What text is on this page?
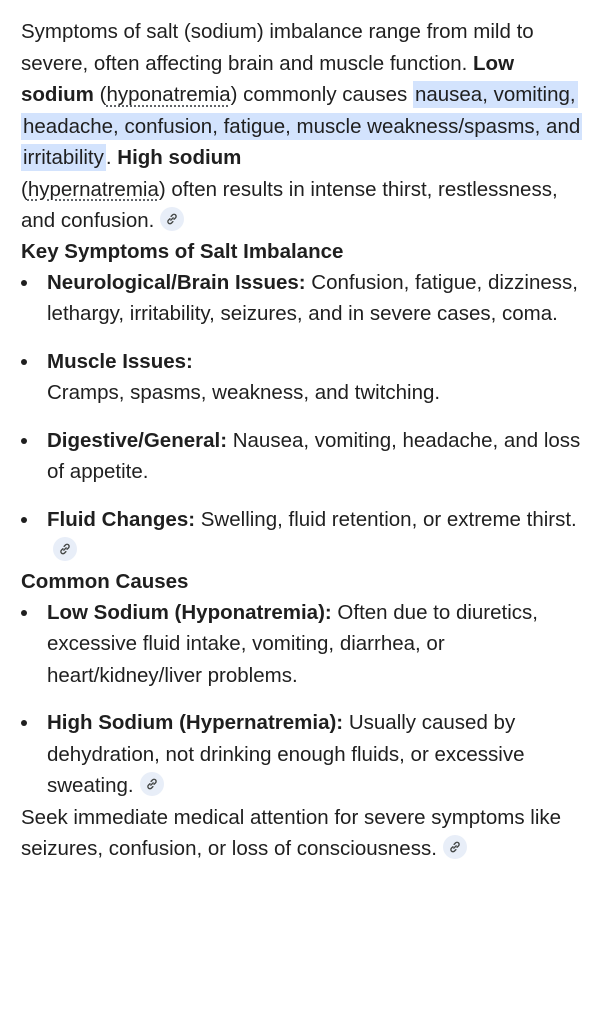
Symptoms of salt (sodium) imbalance range from mild to severe, often affecting brain and muscle function. Low sodium (hyponatremia) commonly causes nausea, vomiting, headache, confusion, fatigue, muscle weakness/spasms, and irritability. High sodium
(hypernatremia) often results in intense thirst, restlessness, and confusion.

Key Symptoms of Salt Imbalance
Neurological/Brain Issues: Confusion, fatigue, dizziness, lethargy, irritability, seizures, and in severe cases, coma.
Muscle Issues:
Cramps, spasms, weakness, and twitching.
Digestive/General: Nausea, vomiting, headache, and loss of appetite.
Fluid Changes: Swelling, fluid retention, or extreme thirst.
Common Causes
Low Sodium (Hyponatremia): Often due to diuretics, excessive fluid intake, vomiting, diarrhea, or heart/kidney/liver problems.
High Sodium (Hypernatremia): Usually caused by dehydration, not drinking enough fluids, or excessive sweating.

Seek immediate medical attention for severe symptoms like seizures, confusion, or loss of consciousness.
